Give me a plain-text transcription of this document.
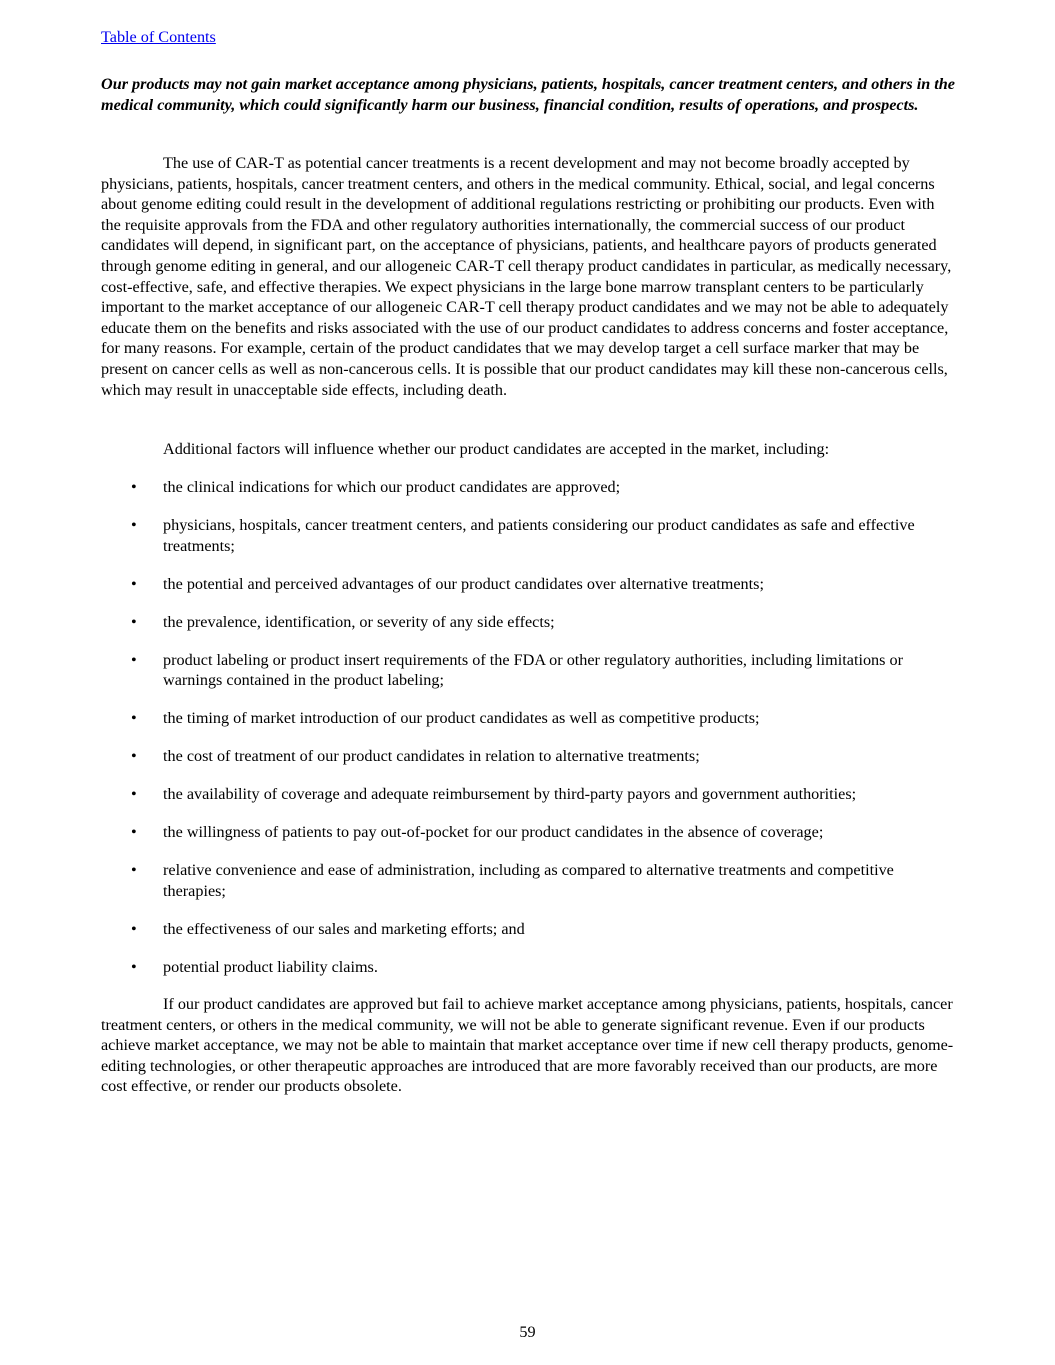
Table of Contents

Our products may not gain market acceptance among physicians, patients, hospitals, cancer treatment centers, and others in the medical community, which could significantly harm our business, financial condition, results of operations, and prospects.

The use of CAR-T as potential cancer treatments is a recent development and may not become broadly accepted by physicians, patients, hospitals, cancer treatment centers, and others in the medical community. Ethical, social, and legal concerns about genome editing could result in the development of additional regulations restricting or prohibiting our products. Even with the requisite approvals from the FDA and other regulatory authorities internationally, the commercial success of our product candidates will depend, in significant part, on the acceptance of physicians, patients, and healthcare payors of products generated through genome editing in general, and our allogeneic CAR-T cell therapy product candidates in particular, as medically necessary, cost-effective, safe, and effective therapies. We expect physicians in the large bone marrow transplant centers to be particularly important to the market acceptance of our allogeneic CAR-T cell therapy product candidates and we may not be able to adequately educate them on the benefits and risks associated with the use of our product candidates to address concerns and foster acceptance, for many reasons. For example, certain of the product candidates that we may develop target a cell surface marker that may be present on cancer cells as well as non-cancerous cells. It is possible that our product candidates may kill these non-cancerous cells, which may result in unacceptable side effects, including death.

Additional factors will influence whether our product candidates are accepted in the market, including:

• the clinical indications for which our product candidates are approved;
• physicians, hospitals, cancer treatment centers, and patients considering our product candidates as safe and effective treatments;
• the potential and perceived advantages of our product candidates over alternative treatments;
• the prevalence, identification, or severity of any side effects;
• product labeling or product insert requirements of the FDA or other regulatory authorities, including limitations or warnings contained in the product labeling;
• the timing of market introduction of our product candidates as well as competitive products;
• the cost of treatment of our product candidates in relation to alternative treatments;
• the availability of coverage and adequate reimbursement by third-party payors and government authorities;
• the willingness of patients to pay out-of-pocket for our product candidates in the absence of coverage;
• relative convenience and ease of administration, including as compared to alternative treatments and competitive therapies;
• the effectiveness of our sales and marketing efforts; and
• potential product liability claims.

If our product candidates are approved but fail to achieve market acceptance among physicians, patients, hospitals, cancer treatment centers, or others in the medical community, we will not be able to generate significant revenue. Even if our products achieve market acceptance, we may not be able to maintain that market acceptance over time if new cell therapy products, genome-editing technologies, or other therapeutic approaches are introduced that are more favorably received than our products, are more cost effective, or render our products obsolete.

59
